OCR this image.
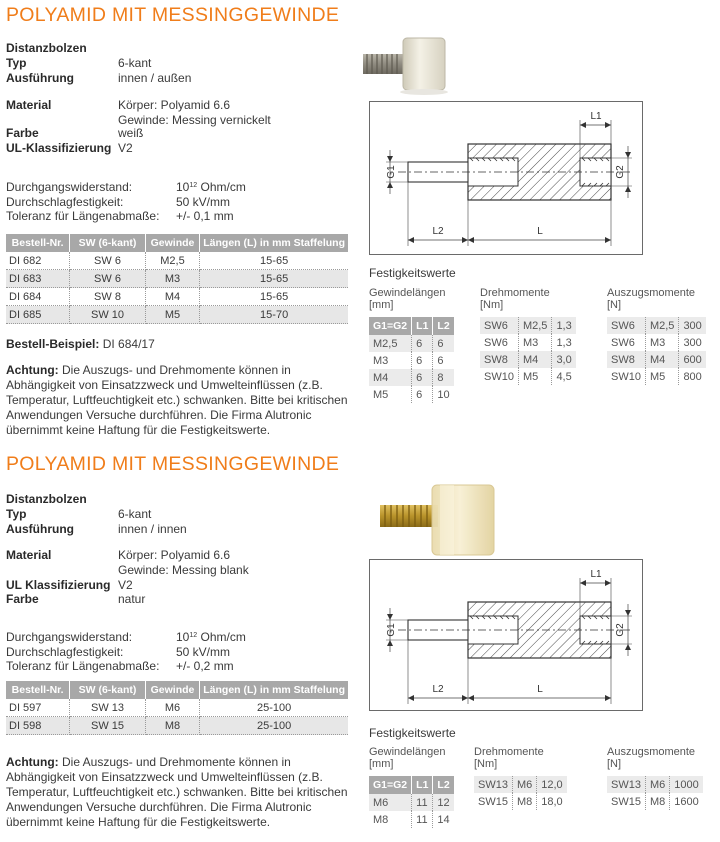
POLYAMID MIT MESSINGGEWINDE
Distanzbolzen
Typ	6-kant
Ausführung	innen / außen
Material	Körper: Polyamid 6.6
Gewinde: Messing vernickelt
Farbe	weiß
UL-Klassifizierung V2
Durchgangswiderstand:	$10^{12}$ Ohm/cm
Durchschlagfestigkeit:	50 kV/mm
Toleranz für Längenabmaße: +/- 0,1 mm
Bestell-Nr.	SW (6-kant)	Gewinde	Längen (L) in mm Staffelung
DI 682	SW 6	M2,5	15-65
DI 683	SW 6	M3	15-65
DI 684	SW 8	M4	15-65
DI 685	SW 10	M5	15-70
Bestell-Beispiel: DI 684/17
Achtung: Die Auszugs- und Drehmomente können in Abhängigkeit von Einsatzzweck und Umwelteinflüssen (z.B. Temperatur, Luftfeuchtigkeit etc.) schwanken. Bitte bei kritischen Anwendungen Versuche durchführen. Die Firma Alutronic übernimmt keine Haftung für die Festigkeitswerte.
G1	G2
L1
L2	L
Festigkeitswerte
Gewindelängen
[mm]
G1=G2	L1	L2
M2,5	6	6
M3	6	6
M4	6	8
M5	6	10
Drehmomente
[Nm]
SW6	M2,5	1,3
SW6	M3	1,3
SW8	M4	3,0
SW10	M5	4,5
Auszugsmomente
[N]
SW6	M2,5	300
SW6	M3	300
SW8	M4	600
SW10	M5	800
POLYAMID MIT MESSINGGEWINDE
Distanzbolzen
Typ	6-kant
Ausführung	innen / innen
Material	Körper: Polyamid 6.6
Gewinde: Messing blank
UL Klassifizierung V2
Farbe	natur
Durchgangswiderstand:	$10^{12}$ Ohm/cm
Durchschlagfestigkeit:	50 kV/mm
Toleranz für Längenabmaße: +/- 0,2 mm
Bestell-Nr.	SW (6-kant)	Gewinde	Längen (L) in mm Staffelung
DI 597	SW 13	M6	25-100
DI 598	SW 15	M8	25-100
Achtung: Die Auszugs- und Drehmomente können in Abhängigkeit von Einsatzzweck und Umwelteinflüssen (z.B. Temperatur, Luftfeuchtigkeit etc.) schwanken. Bitte bei kritischen Anwendungen Versuche durchführen. Die Firma Alutronic übernimmt keine Haftung für die Festigkeitswerte.
G1	G2
L1
L2	L
Festigkeitswerte
Gewindelängen
[mm]
G1=G2	L1	L2
M6	11	12
M8	11	14
Drehmomente
[Nm]
SW13	M6	12,0
SW15	M8	18,0
Auszugsmomente
[N]
SW13	M6	1000
SW15	M8	1600
